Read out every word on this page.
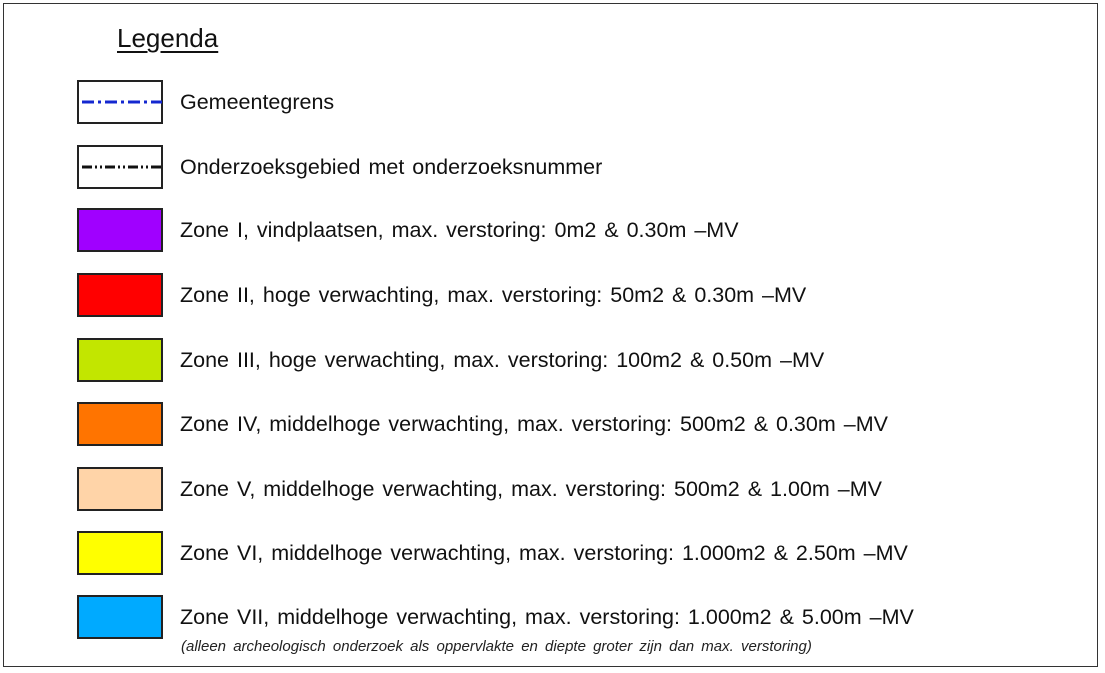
Legenda
Gemeentegrens
Onderzoeksgebied met onderzoeksnummer
Zone I, vindplaatsen, max. verstoring: 0m2 & 0.30m –MV
Zone II, hoge verwachting, max. verstoring: 50m2 & 0.30m –MV
Zone III, hoge verwachting, max. verstoring: 100m2 & 0.50m –MV
Zone IV, middelhoge verwachting, max. verstoring: 500m2 & 0.30m –MV
Zone V, middelhoge verwachting, max. verstoring: 500m2 & 1.00m –MV
Zone VI, middelhoge verwachting, max. verstoring: 1.000m2 & 2.50m –MV
Zone VII, middelhoge verwachting, max. verstoring: 1.000m2 & 5.00m –MV
(alleen archeologisch onderzoek als oppervlakte en diepte groter zijn dan max. verstoring)
